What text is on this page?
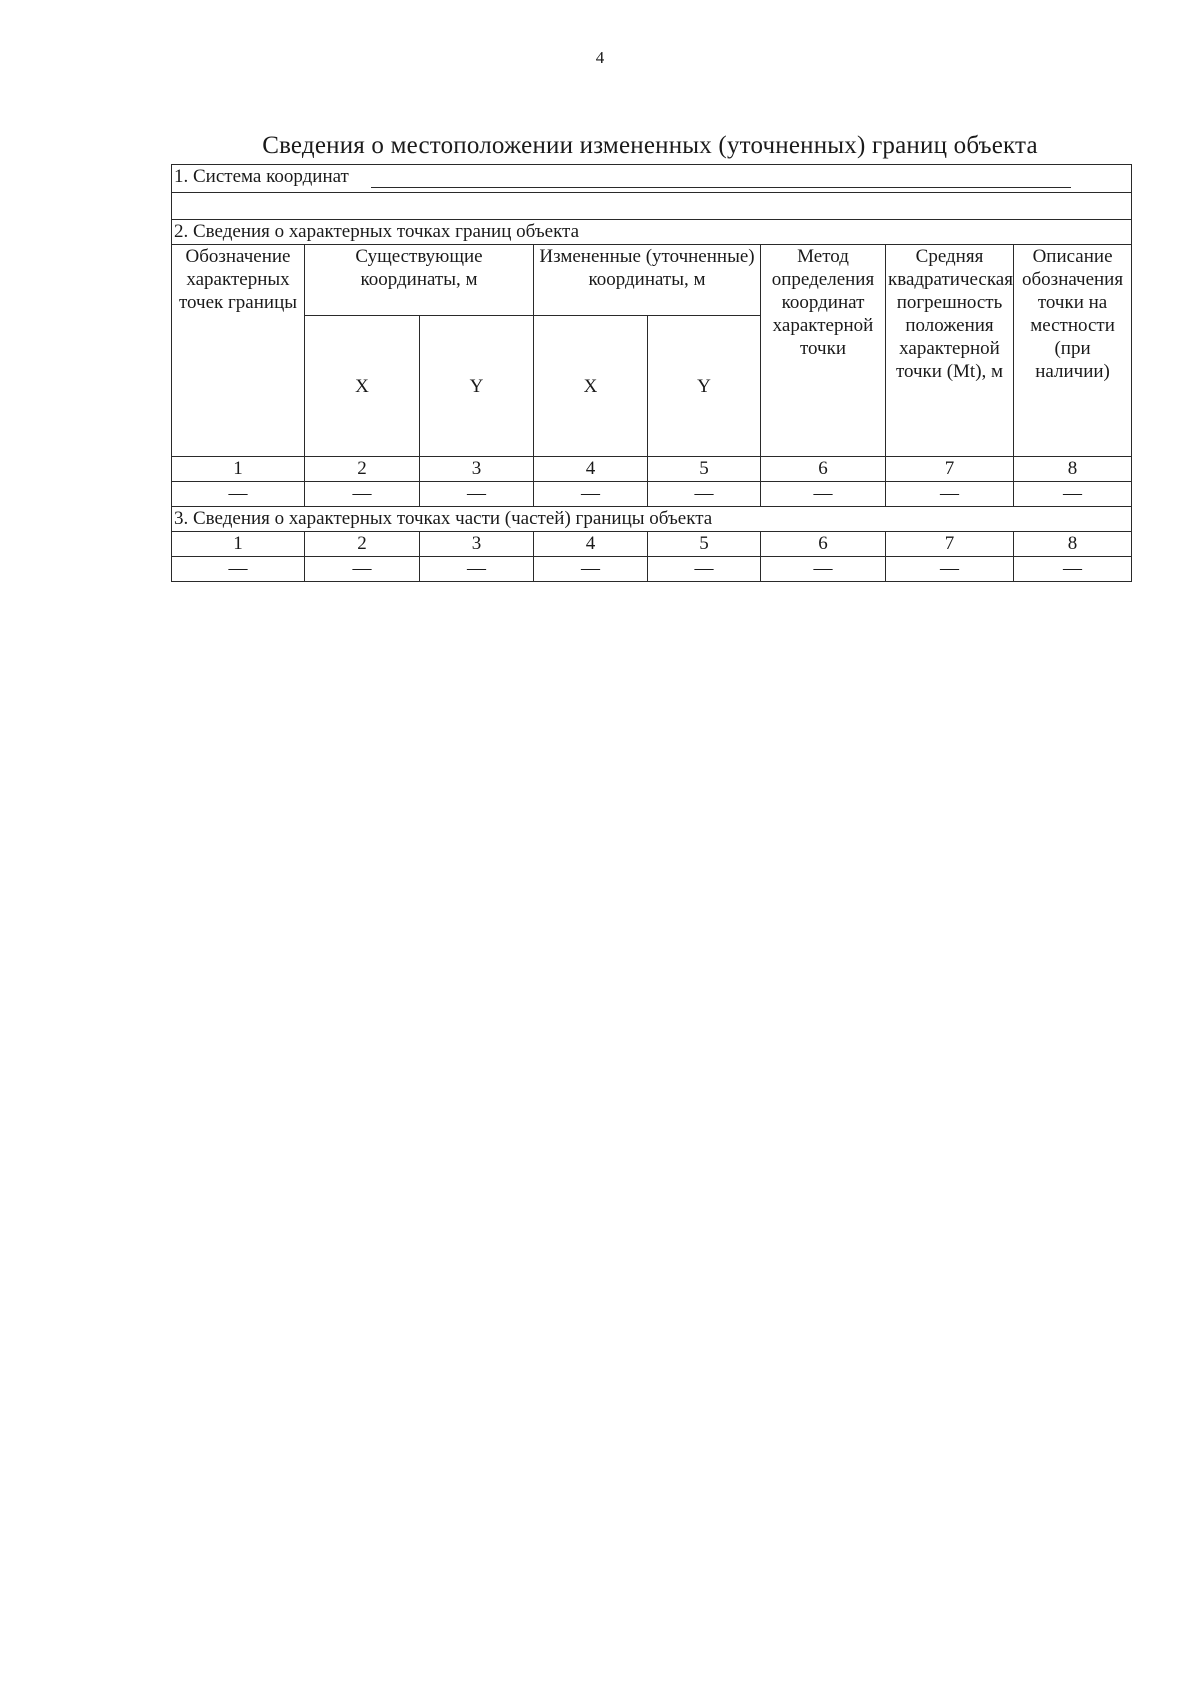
4
Сведения о местоположении измененных (уточненных) границ объекта
1. Система координат							

2. Сведения о характерных точках границ объекта							
Обозначение характерных точек границы	Существующие координаты, м		Измененные (уточненные) координаты, м		Метод определения координат характерной точки	Средняя квадратическая погрешность положения характерной точки (Mt), м	Описание обозначения точки на местности (при наличии)
	X	Y	X	Y			
1	2	3	4	5	6	7	8
—	—	—	—	—	—	—	—
3. Сведения о характерных точках части (частей) границы объекта							
1	2	3	4	5	6	7	8
—	—	—	—	—	—	—	—
